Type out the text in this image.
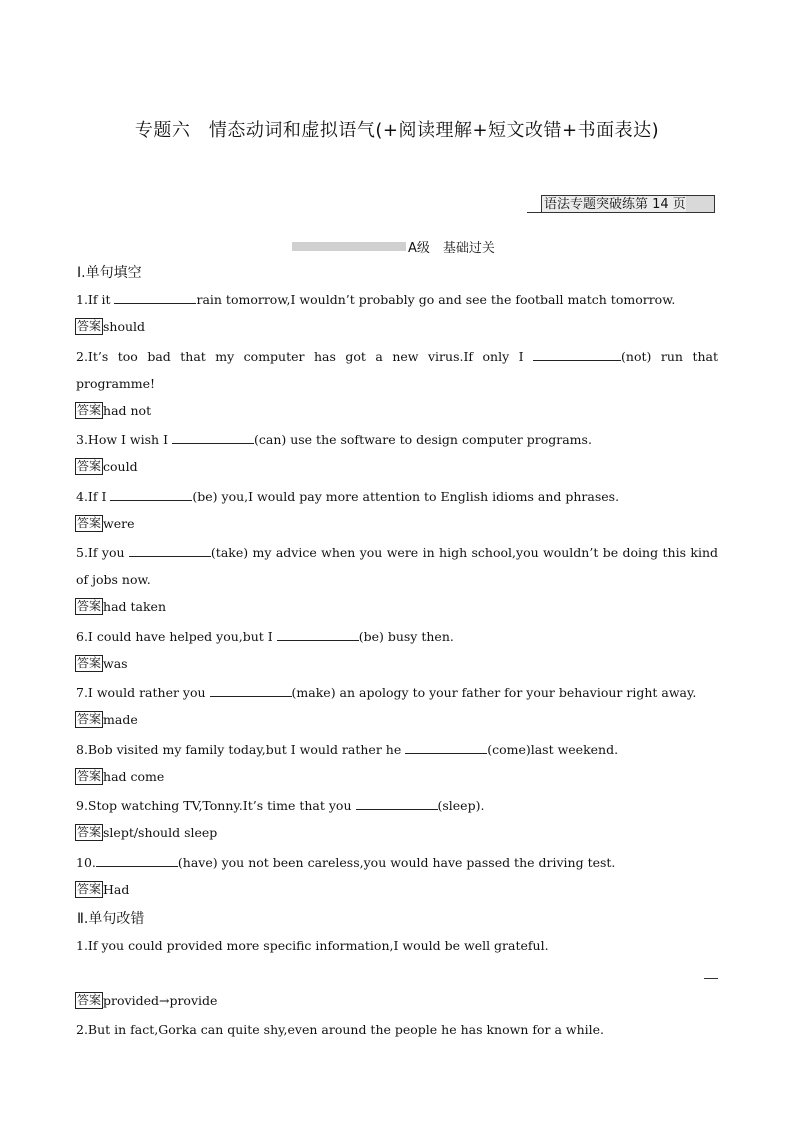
专题六　情态动词和虚拟语气(+阅读理解+短文改错+书面表达)
语法专题突破练第 14 页
A级　基础过关
Ⅰ.单句填空
1.If it	rain tomorrow,I wouldn’t probably go and see the football match tomorrow.
答案 should
2.It’s too bad that my computer has got a new virus.If only I	(not) run that programme!
答案 had not
3.How I wish I	(can) use the software to design computer programs.
答案 could
4.If I	(be) you,I would pay more attention to English idioms and phrases.
答案 were
5.If you	(take) my advice when you were in high school,you wouldn’t be doing this kind of jobs now.
答案 had taken
6.I could have helped you,but I	(be) busy then.
答案 was
7.I would rather you	(make) an apology to your father for your behaviour right away.
答案 made
8.Bob visited my family today,but I would rather he	(come)last weekend.
答案 had come
9.Stop watching TV,Tonny.It’s time that you	(sleep).
答案 slept/should sleep
10.	(have) you not been careless,you would have passed the driving test.
答案 Had
Ⅱ.单句改错
1.If you could provided more specific information,I would be well grateful.
答案 provided→provide
2.But in fact,Gorka can quite shy,even around the people he has known for a while.
